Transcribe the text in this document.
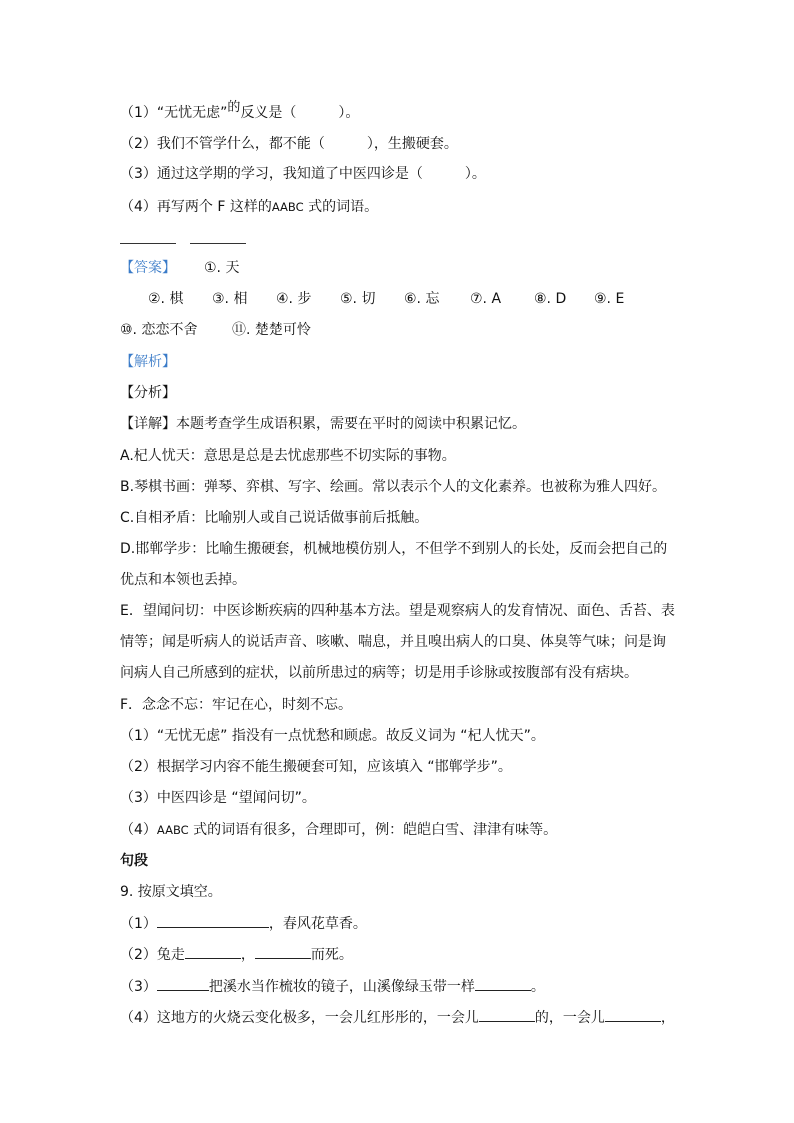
（1）“无忧无虑”的反义是（　　　）。
（2）我们不管学什么，都不能（　　　），生搬硬套。
（3）通过这学期的学习，我知道了中医四诊是（　　　）。
（4）再写两个 F 这样的AABC 式的词语。
【答案】 ①. 天
②. 棋 ③. 相 ④. 步 ⑤. 切 ⑥. 忘 ⑦. A ⑧. D ⑨. E
⑩. 恋恋不舍 ⑪. 楚楚可怜
【解析】
【分析】
【详解】本题考查学生成语积累，需要在平时的阅读中积累记忆。
A.杞人忧天：意思是总是去忧虑那些不切实际的事物。
B.琴棋书画：弹琴、弈棋、写字、绘画。常以表示个人的文化素养。也被称为雅人四好。
C.自相矛盾：比喻别人或自己说话做事前后抵触。
D.邯郸学步：比喻生搬硬套，机械地模仿别人，不但学不到别人的长处，反而会把自己的
优点和本领也丢掉。
E．望闻问切：中医诊断疾病的四种基本方法。望是观察病人的发育情况、面色、舌苔、表
情等；闻是听病人的说话声音、咳嗽、喘息，并且嗅出病人的口臭、体臭等气味；问是询
问病人自己所感到的症状，以前所患过的病等；切是用手诊脉或按腹部有没有痞块。
F．念念不忘：牢记在心，时刻不忘。
（1）“无忧无虑” 指没有一点忧愁和顾虑。故反义词为 “杞人忧天”。
（2）根据学习内容不能生搬硬套可知，应该填入 “邯郸学步”。
（3）中医四诊是 “望闻问切”。
（4）AABC 式的词语有很多，合理即可，例：皑皑白雪、津津有味等。
句段
9. 按原文填空。
（1）	，春风花草香。
（2）兔走	，	而死。
（3）	把溪水当作梳妆的镜子，山溪像绿玉带一样	。
（4）这地方的火烧云变化极多，一会儿红彤彤的，一会儿	的，一会儿	，
